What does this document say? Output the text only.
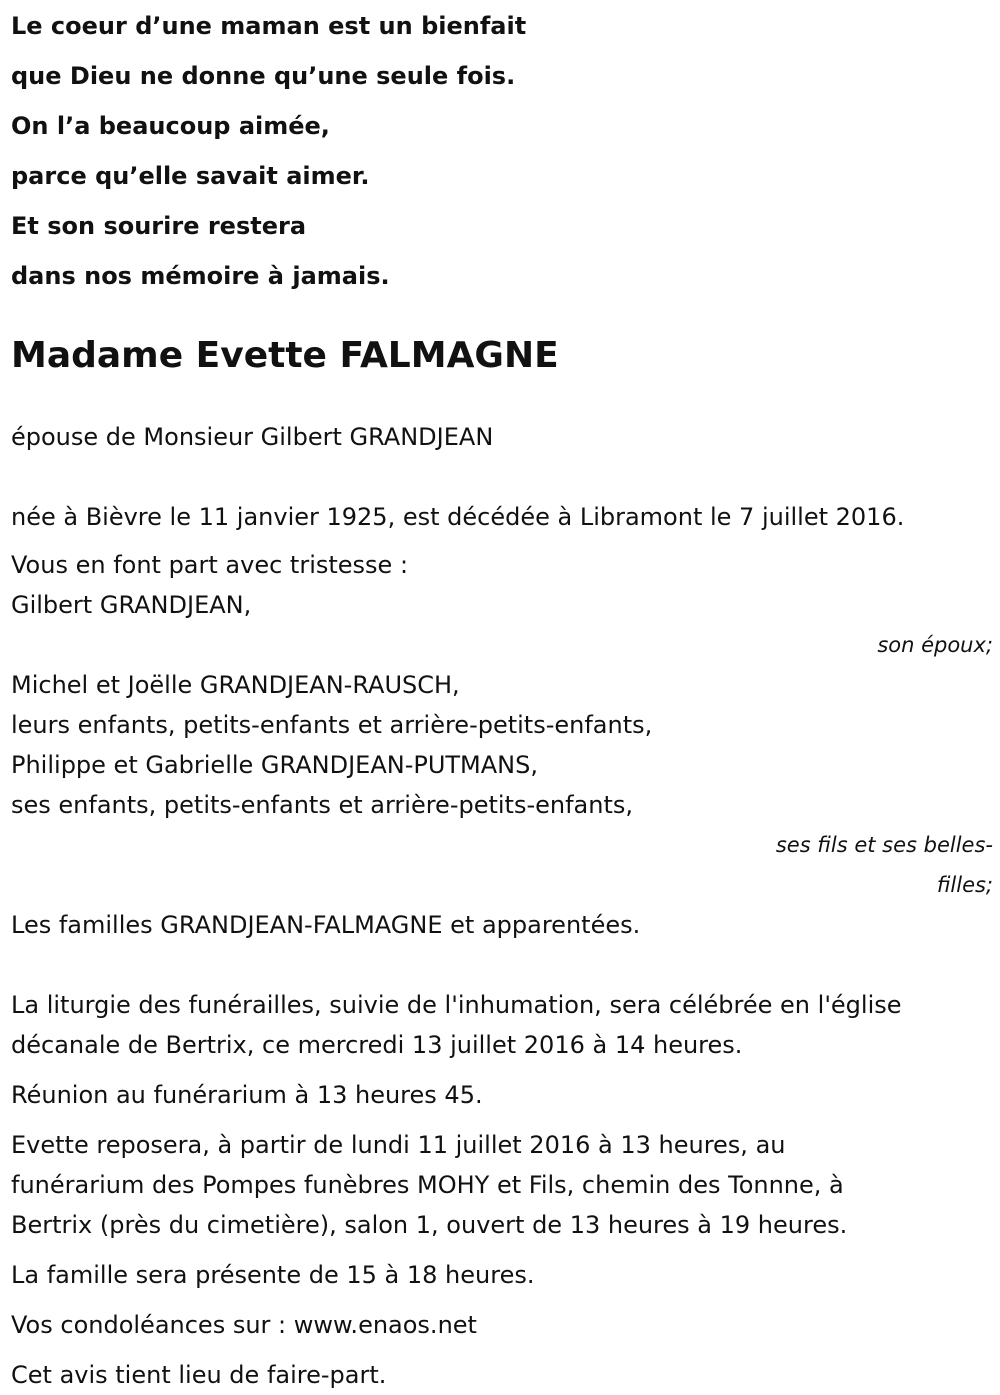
Le coeur d’une maman est un bienfait
que Dieu ne donne qu’une seule fois.
On l’a beaucoup aimée,
parce qu’elle savait aimer.
Et son sourire restera
dans nos mémoire à jamais.
Madame Evette FALMAGNE
épouse de Monsieur Gilbert GRANDJEAN
née à Bièvre le 11 janvier 1925, est décédée à Libramont le 7 juillet 2016.
Vous en font part avec tristesse :
Gilbert GRANDJEAN,
son époux;
Michel et Joëlle GRANDJEAN-RAUSCH,
leurs enfants, petits-enfants et arrière-petits-enfants,
Philippe et Gabrielle GRANDJEAN-PUTMANS,
ses enfants, petits-enfants et arrière-petits-enfants,
ses fils et ses belles-
filles;
Les familles GRANDJEAN-FALMAGNE et apparentées.
La liturgie des funérailles, suivie de l'inhumation, sera célébrée en l'église
décanale de Bertrix, ce mercredi 13 juillet 2016 à 14 heures.
Réunion au funérarium à 13 heures 45.
Evette reposera, à partir de lundi 11 juillet 2016 à 13 heures, au
funérarium des Pompes funèbres MOHY et Fils, chemin des Tonnne, à
Bertrix (près du cimetière), salon 1, ouvert de 13 heures à 19 heures.
La famille sera présente de 15 à 18 heures.
Vos condoléances sur : www.enaos.net
Cet avis tient lieu de faire-part.
